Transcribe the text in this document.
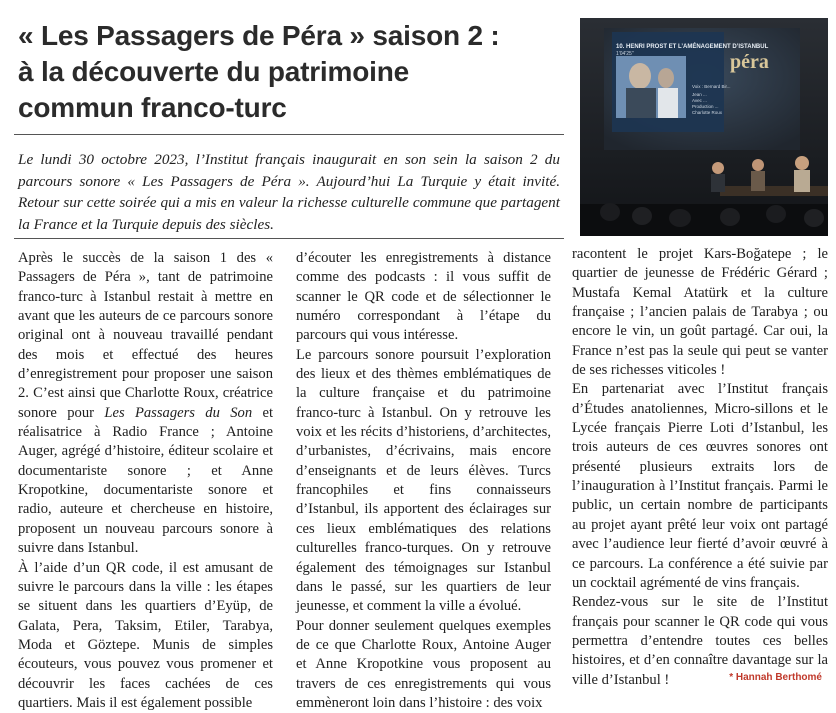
« Les Passagers de Péra » saison 2 :
à la découverte du patrimoine
commun franco-turc

Le lundi 30 octobre 2023, l’Institut français inaugurait en son sein la saison 2 du parcours sonore « Les Passagers de Péra ». Aujourd’hui La Turquie y était invité. Retour sur cette soirée qui a mis en valeur la richesse culturelle commune que partagent la France et la Turquie depuis des siècles.

10. HENRI PROST ET L’AMÉNAGEMENT D’ISTANBUL
1'04'25''	péra
Voix : Bernard Bir...
Jean ...
Avec ...
Production ...
Charlotte Roux

Après le succès de la saison 1 des « Passagers de Péra », tant de patrimoine franco-turc à Istanbul restait à mettre en avant que les auteurs de ce parcours sonore original ont à nouveau travaillé pendant des mois et effectué des heures d’enregistrement pour proposer une saison 2. C’est ainsi que Charlotte Roux, créatrice sonore pour Les Passagers du Son et réalisatrice à Radio France ; Antoine Auger, agrégé d’histoire, éditeur scolaire et documentariste sonore ; et Anne Kropotkine, documentariste sonore et radio, auteure et chercheuse en histoire, proposent un nouveau parcours sonore à suivre dans Istanbul.

À l’aide d’un QR code, il est amusant de suivre le parcours dans la ville : les étapes se situent dans les quartiers d’Eyüp, de Galata, Pera, Taksim, Etiler, Tarabya, Moda et Göztepe. Munis de simples écouteurs, vous pouvez vous promener et découvrir les faces cachées de ces quartiers. Mais il est également possible

d’écouter les enregistrements à distance comme des podcasts : il vous suffit de scanner le QR code et de sélectionner le numéro correspondant à l’étape du parcours qui vous intéresse.

Le parcours sonore poursuit l’exploration des lieux et des thèmes emblématiques de la culture française et du patrimoine franco-turc à Istanbul. On y retrouve les voix et les récits d’historiens, d’architectes, d’urbanistes, d’écrivains, mais encore d’enseignants et de leurs élèves. Turcs francophiles et fins connaisseurs d’Istanbul, ils apportent des éclairages sur ces lieux emblématiques des relations culturelles franco-turques. On y retrouve également des témoignages sur Istanbul dans le passé, sur les quartiers de leur jeunesse, et comment la ville a évolué.

Pour donner seulement quelques exemples de ce que Charlotte Roux, Antoine Auger et Anne Kropotkine vous proposent au travers de ces enregistrements qui vous emmèneront loin dans l’histoire : des voix

racontent le projet Kars-Boğatepe ; le quartier de jeunesse de Frédéric Gérard ; Mustafa Kemal Atatürk et la culture française ; l’ancien palais de Tarabya ; ou encore le vin, un goût partagé. Car oui, la France n’est pas la seule qui peut se vanter de ses richesses viticoles !

En partenariat avec l’Institut français d’Études anatoliennes, Micro-sillons et le Lycée français Pierre Loti d’Istanbul, les trois auteurs de ces œuvres sonores ont présenté plusieurs extraits lors de l’inauguration à l’Institut français. Parmi le public, un certain nombre de participants au projet ayant prêté leur voix ont partagé avec l’audience leur fierté d’avoir œuvré à ce parcours. La conférence a été suivie par un cocktail agrémenté de vins français.

Rendez-vous sur le site de l’Institut français pour scanner le QR code qui vous permettra d’entendre toutes ces belles histoires, et d’en connaître davantage sur la ville d’Istanbul !	* Hannah Berthomé
